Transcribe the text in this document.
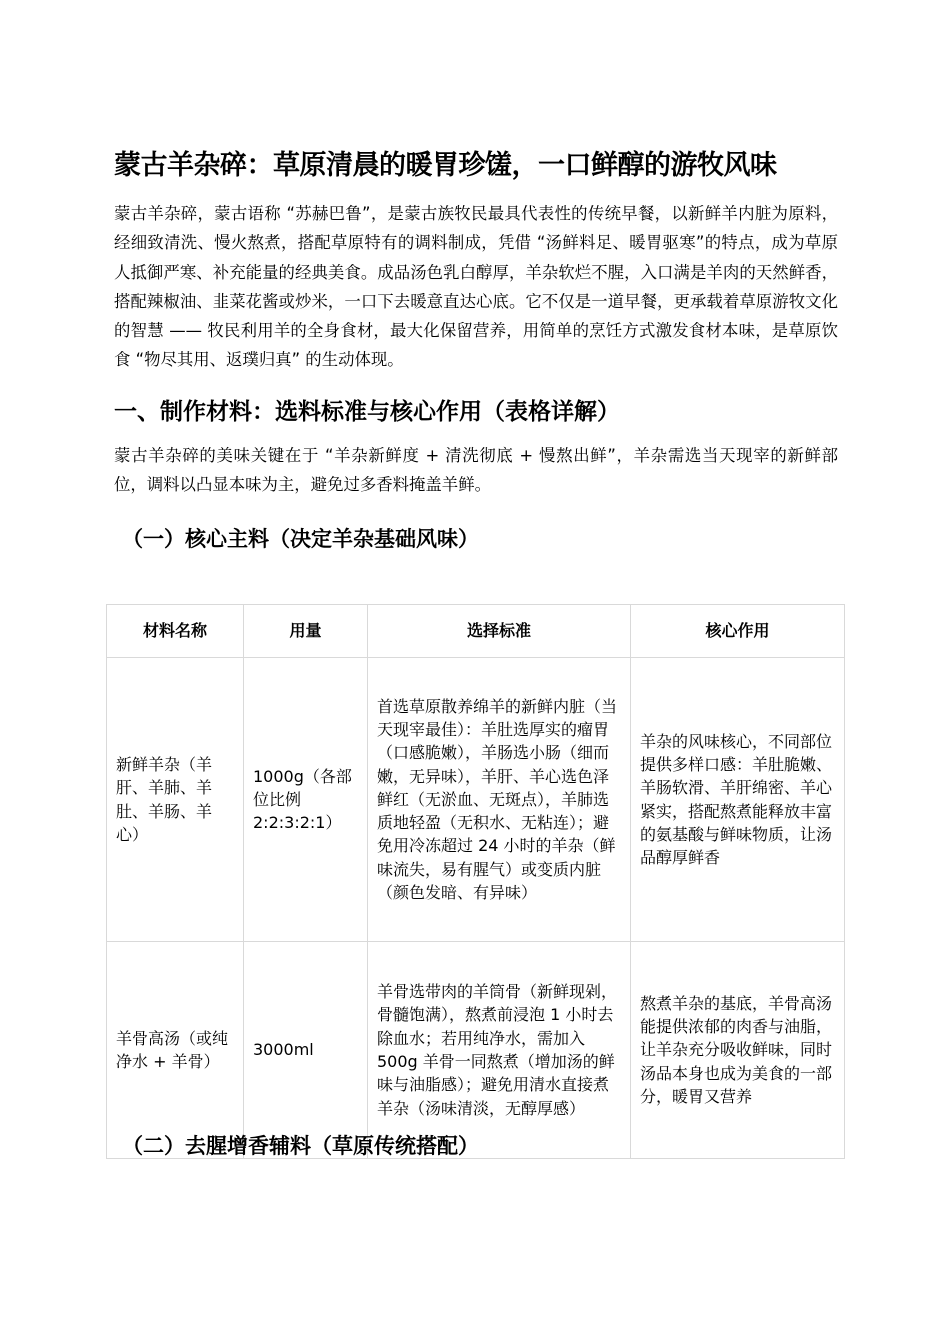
蒙古羊杂碎：草原清晨的暖胃珍馐，一口鲜醇的游牧风味

蒙古羊杂碎，蒙古语称 “苏赫巴鲁”，是蒙古族牧民最具代表性的传统早餐，以新鲜羊内脏为原料，经细致清洗、慢火熬煮，搭配草原特有的调料制成，凭借 “汤鲜料足、暖胃驱寒”的特点，成为草原人抵御严寒、补充能量的经典美食。成品汤色乳白醇厚，羊杂软烂不腥，入口满是羊肉的天然鲜香，搭配辣椒油、韭菜花酱或炒米，一口下去暖意直达心底。它不仅是一道早餐，更承载着草原游牧文化的智慧 —— 牧民利用羊的全身食材，最大化保留营养，用简单的烹饪方式激发食材本味，是草原饮食 “物尽其用、返璞归真” 的生动体现。

一、制作材料：选料标准与核心作用（表格详解）

蒙古羊杂碎的美味关键在于 “羊杂新鲜度 + 清洗彻底 + 慢熬出鲜”，羊杂需选当天现宰的新鲜部位，调料以凸显本味为主，避免过多香料掩盖羊鲜。

（一）核心主料（决定羊杂基础风味）
材料名称	用量	选择标准	核心作用
新鲜羊杂（羊肝、羊肺、羊肚、羊肠、羊心）	1000g（各部位比例 2:2:3:2:1）	首选草原散养绵羊的新鲜内脏（当天现宰最佳）：羊肚选厚实的瘤胃（口感脆嫩），羊肠选小肠（细而嫩，无异味），羊肝、羊心选色泽鲜红（无淤血、无斑点），羊肺选质地轻盈（无积水、无粘连）；避免用冷冻超过 24 小时的羊杂（鲜味流失，易有腥气）或变质内脏（颜色发暗、有异味）	羊杂的风味核心，不同部位提供多样口感：羊肚脆嫩、羊肠软滑、羊肝绵密、羊心紧实，搭配熬煮能释放丰富的氨基酸与鲜味物质，让汤品醇厚鲜香
羊骨高汤（或纯净水 + 羊骨）	3000ml	羊骨选带肉的羊筒骨（新鲜现剁，骨髓饱满），熬煮前浸泡 1 小时去除血水；若用纯净水，需加入 500g 羊骨一同熬煮（增加汤的鲜味与油脂感）；避免用清水直接煮羊杂（汤味清淡，无醇厚感）	熬煮羊杂的基底，羊骨高汤能提供浓郁的肉香与油脂，让羊杂充分吸收鲜味，同时汤品本身也成为美食的一部分，暖胃又营养
（二）去腥增香辅料（草原传统搭配）
